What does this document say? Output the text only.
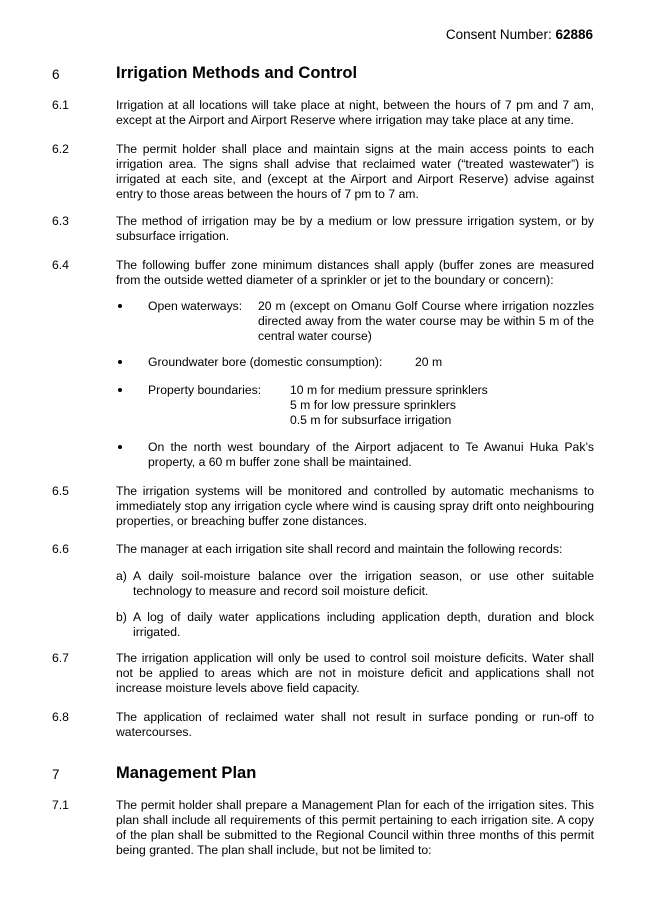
Consent Number: 62886
6	Irrigation Methods and Control
6.1	Irrigation at all locations will take place at night, between the hours of 7 pm and 7 am, except at the Airport and Airport Reserve where irrigation may take place at any time.
6.2	The permit holder shall place and maintain signs at the main access points to each irrigation area. The signs shall advise that reclaimed water (“treated wastewater”) is irrigated at each site, and (except at the Airport and Airport Reserve) advise against entry to those areas between the hours of 7 pm to 7 am.
6.3	The method of irrigation may be by a medium or low pressure irrigation system, or by subsurface irrigation.
6.4	The following buffer zone minimum distances shall apply (buffer zones are measured from the outside wetted diameter of a sprinkler or jet to the boundary or concern):
Open waterways: 20 m (except on Omanu Golf Course where irrigation nozzles directed away from the water course may be within 5 m of the central water course)
Groundwater bore (domestic consumption):	20 m
Property boundaries: 10 m for medium pressure sprinklers
5 m for low pressure sprinklers
0.5 m for subsurface irrigation
On the north west boundary of the Airport adjacent to Te Awanui Huka Pak’s property, a 60 m buffer zone shall be maintained.
6.5	The irrigation systems will be monitored and controlled by automatic mechanisms to immediately stop any irrigation cycle where wind is causing spray drift onto neighbouring properties, or breaching buffer zone distances.
6.6	The manager at each irrigation site shall record and maintain the following records:
a) A daily soil-moisture balance over the irrigation season, or use other suitable technology to measure and record soil moisture deficit.
b) A log of daily water applications including application depth, duration and block irrigated.
6.7	The irrigation application will only be used to control soil moisture deficits. Water shall not be applied to areas which are not in moisture deficit and applications shall not increase moisture levels above field capacity.
6.8	The application of reclaimed water shall not result in surface ponding or run-off to watercourses.
7	Management Plan
7.1	The permit holder shall prepare a Management Plan for each of the irrigation sites. This plan shall include all requirements of this permit pertaining to each irrigation site. A copy of the plan shall be submitted to the Regional Council within three months of this permit being granted. The plan shall include, but not be limited to:
